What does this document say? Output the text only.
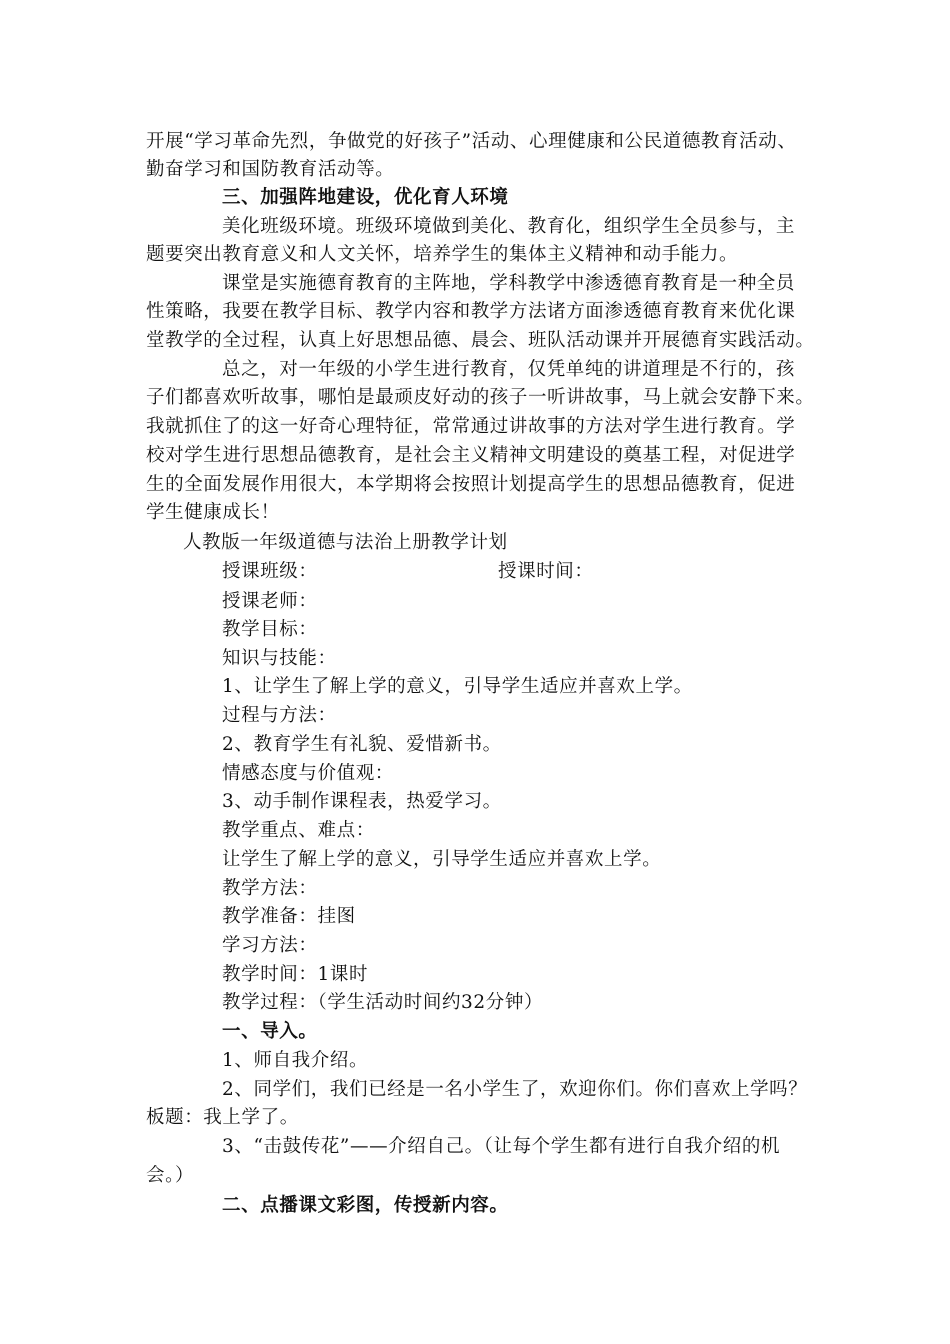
开展“学习革命先烈，争做党的好孩子”活动、心理健康和公民道德教育活动、
勤奋学习和国防教育活动等。
三、加强阵地建设，优化育人环境
美化班级环境。班级环境做到美化、教育化，组织学生全员参与，主
题要突出教育意义和人文关怀，培养学生的集体主义精神和动手能力。
课堂是实施德育教育的主阵地，学科教学中渗透德育教育是一种全员
性策略，我要在教学目标、教学内容和教学方法诸方面渗透德育教育来优化课
堂教学的全过程，认真上好思想品德、晨会、班队活动课并开展德育实践活动。
总之，对一年级的小学生进行教育，仅凭单纯的讲道理是不行的，孩
子们都喜欢听故事，哪怕是最顽皮好动的孩子一听讲故事，马上就会安静下来。
我就抓住了的这一好奇心理特征，常常通过讲故事的方法对学生进行教育。学
校对学生进行思想品德教育，是社会主义精神文明建设的奠基工程，对促进学
生的全面发展作用很大，本学期将会按照计划提高学生的思想品德教育，促进
学生健康成长！
人教版一年级道德与法治上册教学计划
授课班级：	授课时间：
授课老师：
教学目标：
知识与技能：
1、让学生了解上学的意义，引导学生适应并喜欢上学。
过程与方法：
2、教育学生有礼貌、爱惜新书。
情感态度与价值观：
3、动手制作课程表，热爱学习。
教学重点、难点：
让学生了解上学的意义，引导学生适应并喜欢上学。
教学方法：
教学准备：挂图
学习方法：
教学时间：1课时
教学过程：（学生活动时间约32分钟）
一、导入。
1、师自我介绍。
2、同学们，我们已经是一名小学生了，欢迎你们。你们喜欢上学吗？
板题：我上学了。
3、“击鼓传花”——介绍自己。（让每个学生都有进行自我介绍的机
会。）
二、点播课文彩图，传授新内容。
